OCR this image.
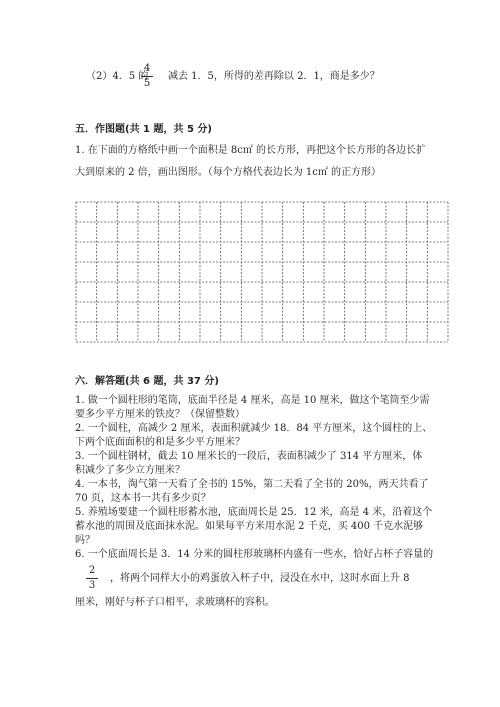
（2）4．5 的
4
5
减去 1．5，所得的差再除以 2．1，商是多少？
五．作图题(共 1 题，共 5 分)
1. 在下面的方格纸中画一个面积是 8c㎡ 的长方形，再把这个长方形的各边长扩
大到原来的 2 倍，画出图形。（每个方格代表边长为 1c㎡ 的正方形）
六．解答题(共 6 题，共 37 分)
1. 做一个圆柱形的笔筒，底面半径是 4 厘米，高是 10 厘米，做这个笔筒至少需
要多少平方厘米的铁皮？（保留整数）
2. 一个圆柱，高减少 2 厘米，表面积就减少 18．84 平方厘米，这个圆柱的上、
下两个底面面积的和是多少平方厘米？
3. 一个圆柱钢材，截去 10 厘米长的一段后，表面积减少了 314 平方厘米，体
积减少了多少立方厘米？
4. 一本书，淘气第一天看了全书的 15%，第二天看了全书的 20%，两天共看了
70 页，这本书一共有多少页？
5. 养殖场要建一个圆柱形蓄水池，底面周长是 25．12 米，高是 4 米，沿着这个
蓄水池的周围及底面抹水泥。如果每平方米用水泥 2 千克，买 400 千克水泥够
吗？
6. 一个底面周长是 3．14 分米的圆柱形玻璃杯内盛有一些水，恰好占杯子容量的
2
3
，将两个同样大小的鸡蛋放入杯子中，浸没在水中，这时水面上升 8
厘米，刚好与杯子口相平，求玻璃杯的容积。
